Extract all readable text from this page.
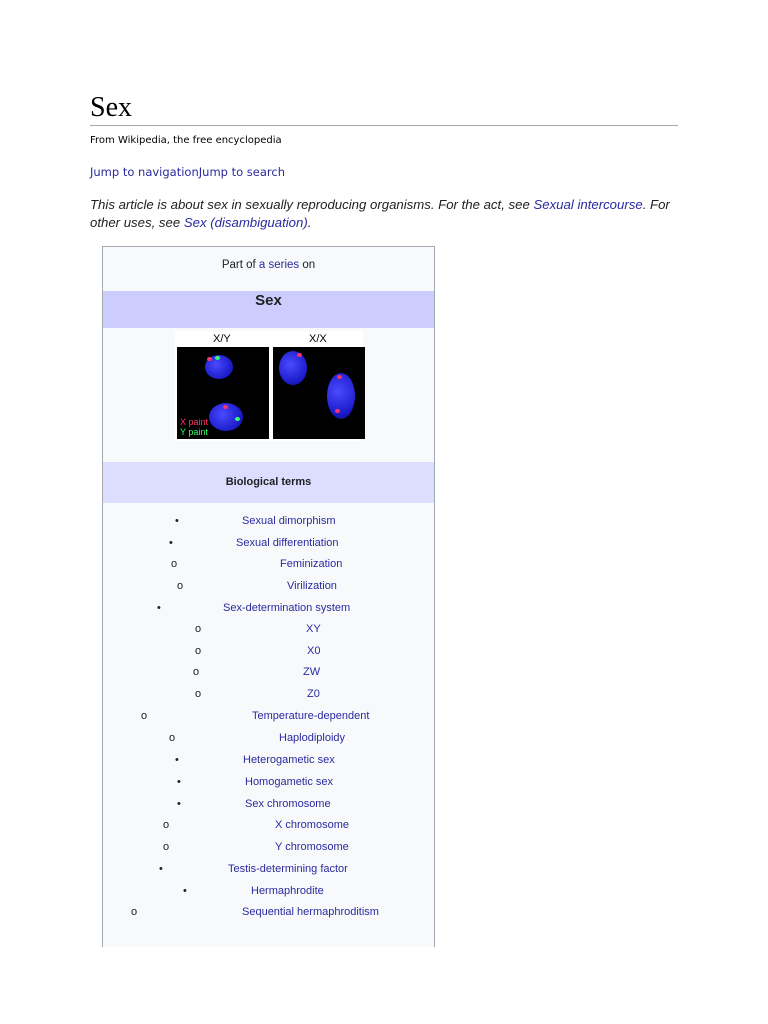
Sex
From Wikipedia, the free encyclopedia
Jump to navigationJump to search
This article is about sex in sexually reproducing organisms. For the act, see Sexual intercourse. For other uses, see Sex (disambiguation).
Part of a series on
Sex
X/Y	X/X
X paint
Y paint
Biological terms
•	Sexual dimorphism
•	Sexual differentiation
o	Feminization
o	Virilization
•	Sex-determination system
o	XY
o	X0
o	ZW
o	Z0
o	Temperature-dependent
o	Haplodiploidy
•	Heterogametic sex
•	Homogametic sex
•	Sex chromosome
o	X chromosome
o	Y chromosome
•	Testis-determining factor
•	Hermaphrodite
o	Sequential hermaphroditism
